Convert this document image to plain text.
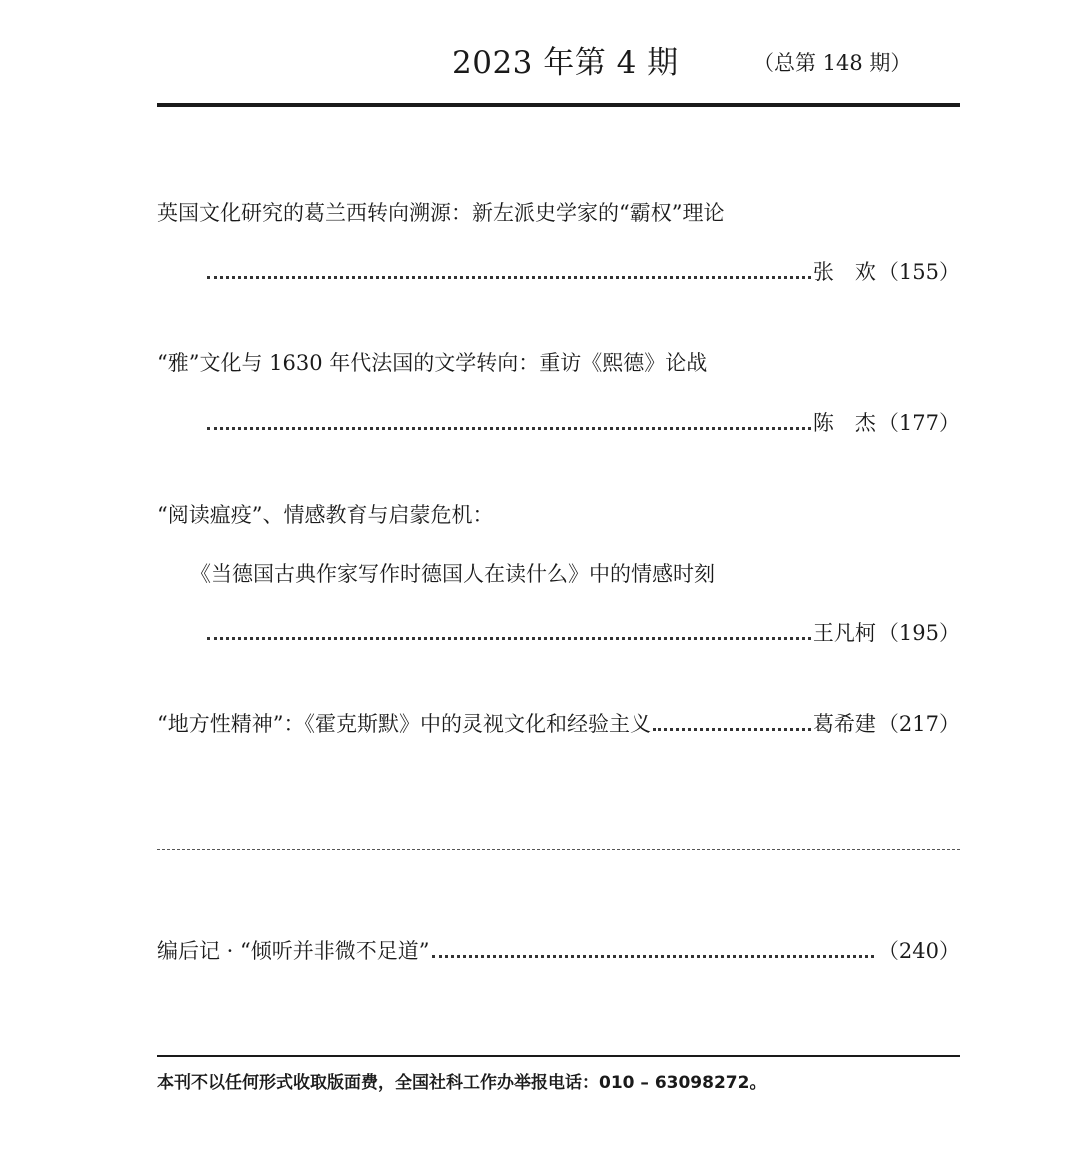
2023 年第 4 期	（总第 148 期）
英国文化研究的葛兰西转向溯源：新左派史学家的“霸权”理论
张　欢 （155）
“雅”文化与 1630 年代法国的文学转向：重访《熙德》论战
陈　杰 （177）
“阅读瘟疫”、情感教育与启蒙危机：
《当德国古典作家写作时德国人在读什么》中的情感时刻
王凡柯 （195）
“地方性精神”：《霍克斯默》中的灵视文化和经验主义	葛希建 （217）
编后记 · “倾听并非微不足道”	（240）
本刊不以任何形式收取版面费，全国社科工作办举报电话：010 – 63098272。
